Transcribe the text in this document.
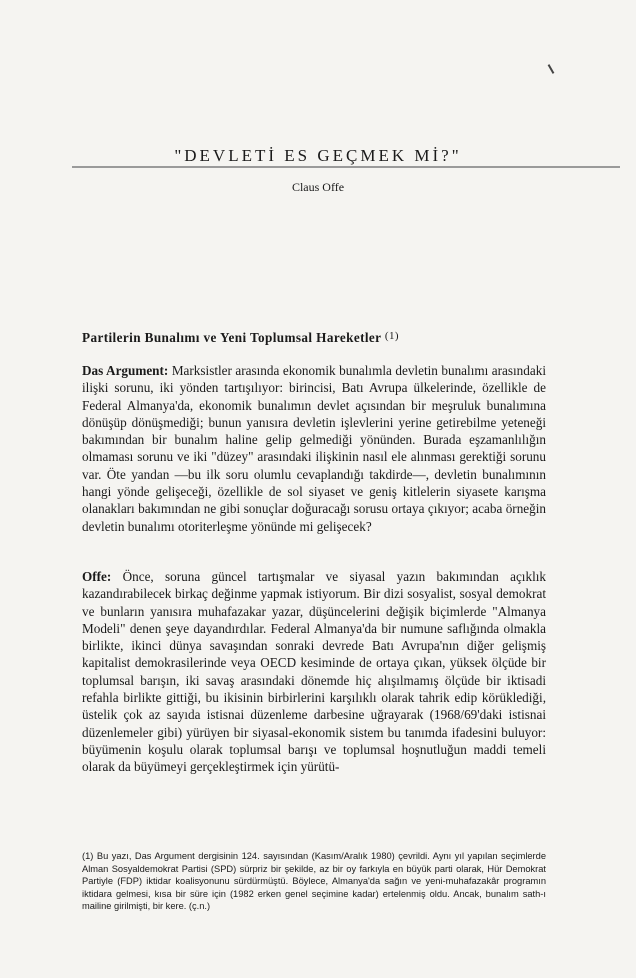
"DEVLETİ ES GEÇMEK Mİ?"
Claus Offe
Partilerin Bunalımı ve Yeni Toplumsal Hareketler $^{(1)}$

Das Argument: Marksistler arasında ekonomik bunalımla devletin bunalımı arasındaki ilişki sorunu, iki yönden tartışılıyor: birincisi, Batı Avrupa ülkelerinde, özellikle de Federal Almanya'da, ekonomik bunalımın devlet açısından bir meşruluk bunalımına dönüşüp dönüşmediği; bunun yanısıra devletin işlevlerini yerine getirebilme yeteneği bakımından bir bunalım haline gelip gelmediği yönünden. Burada eşzamanlılığın olmaması sorunu ve iki "düzey" arasındaki ilişkinin nasıl ele alınması gerektiği sorunu var. Öte yandan —bu ilk soru olumlu cevaplandığı takdirde—, devletin bunalımının hangi yönde gelişeceği, özellikle de sol siyaset ve geniş kitlelerin siyasete karışma olanakları bakımından ne gibi sonuçlar doğuracağı sorusu ortaya çıkıyor; acaba örneğin devletin bunalımı otoriterleşme yönünde mi gelişecek?

Offe: Önce, soruna güncel tartışmalar ve siyasal yazın bakımından açıklık kazandırabilecek birkaç değinme yapmak istiyorum. Bir dizi sosyalist, sosyal demokrat ve bunların yanısıra muhafazakar yazar, düşüncelerini değişik biçimlerde "Almanya Modeli" denen şeye dayandırdılar. Federal Almanya'da bir numune saflığında olmakla birlikte, ikinci dünya savaşından sonraki devrede Batı Avrupa'nın diğer gelişmiş kapitalist demokrasilerinde veya OECD kesiminde de ortaya çıkan, yüksek ölçüde bir toplumsal barışın, iki savaş arasındaki dönemde hiç alışılmamış ölçüde bir iktisadi refahla birlikte gittiği, bu ikisinin birbirlerini karşılıklı olarak tahrik edip körüklediği, üstelik çok az sayıda istisnai düzenleme darbesine uğrayarak (1968/69'daki istisnai düzenlemeler gibi) yürüyen bir siyasal-ekonomik sistem bu tanımda ifadesini buluyor: büyümenin koşulu olarak toplumsal barışı ve toplumsal hoşnutluğun maddi temeli olarak da büyümeyi gerçekleştirmek için yürütü-

(1) Bu yazı, Das Argument dergisinin 124. sayısından (Kasım/Aralık 1980) çevrildi. Aynı yıl yapılan seçimlerde Alman Sosyaldemokrat Partisi (SPD) sürpriz bir şekilde, az bir oy farkıyla en büyük parti olarak, Hür Demokrat Partiyle (FDP) iktidar koalisyonunu sürdürmüştü. Böylece, Almanya'da sağın ve yeni-muhafazakâr programın iktidara gelmesi, kısa bir süre için (1982 erken genel seçimine kadar) ertelenmiş oldu. Ancak, bunalım sath-ı mailine girilmişti, bir kere. (ç.n.)
